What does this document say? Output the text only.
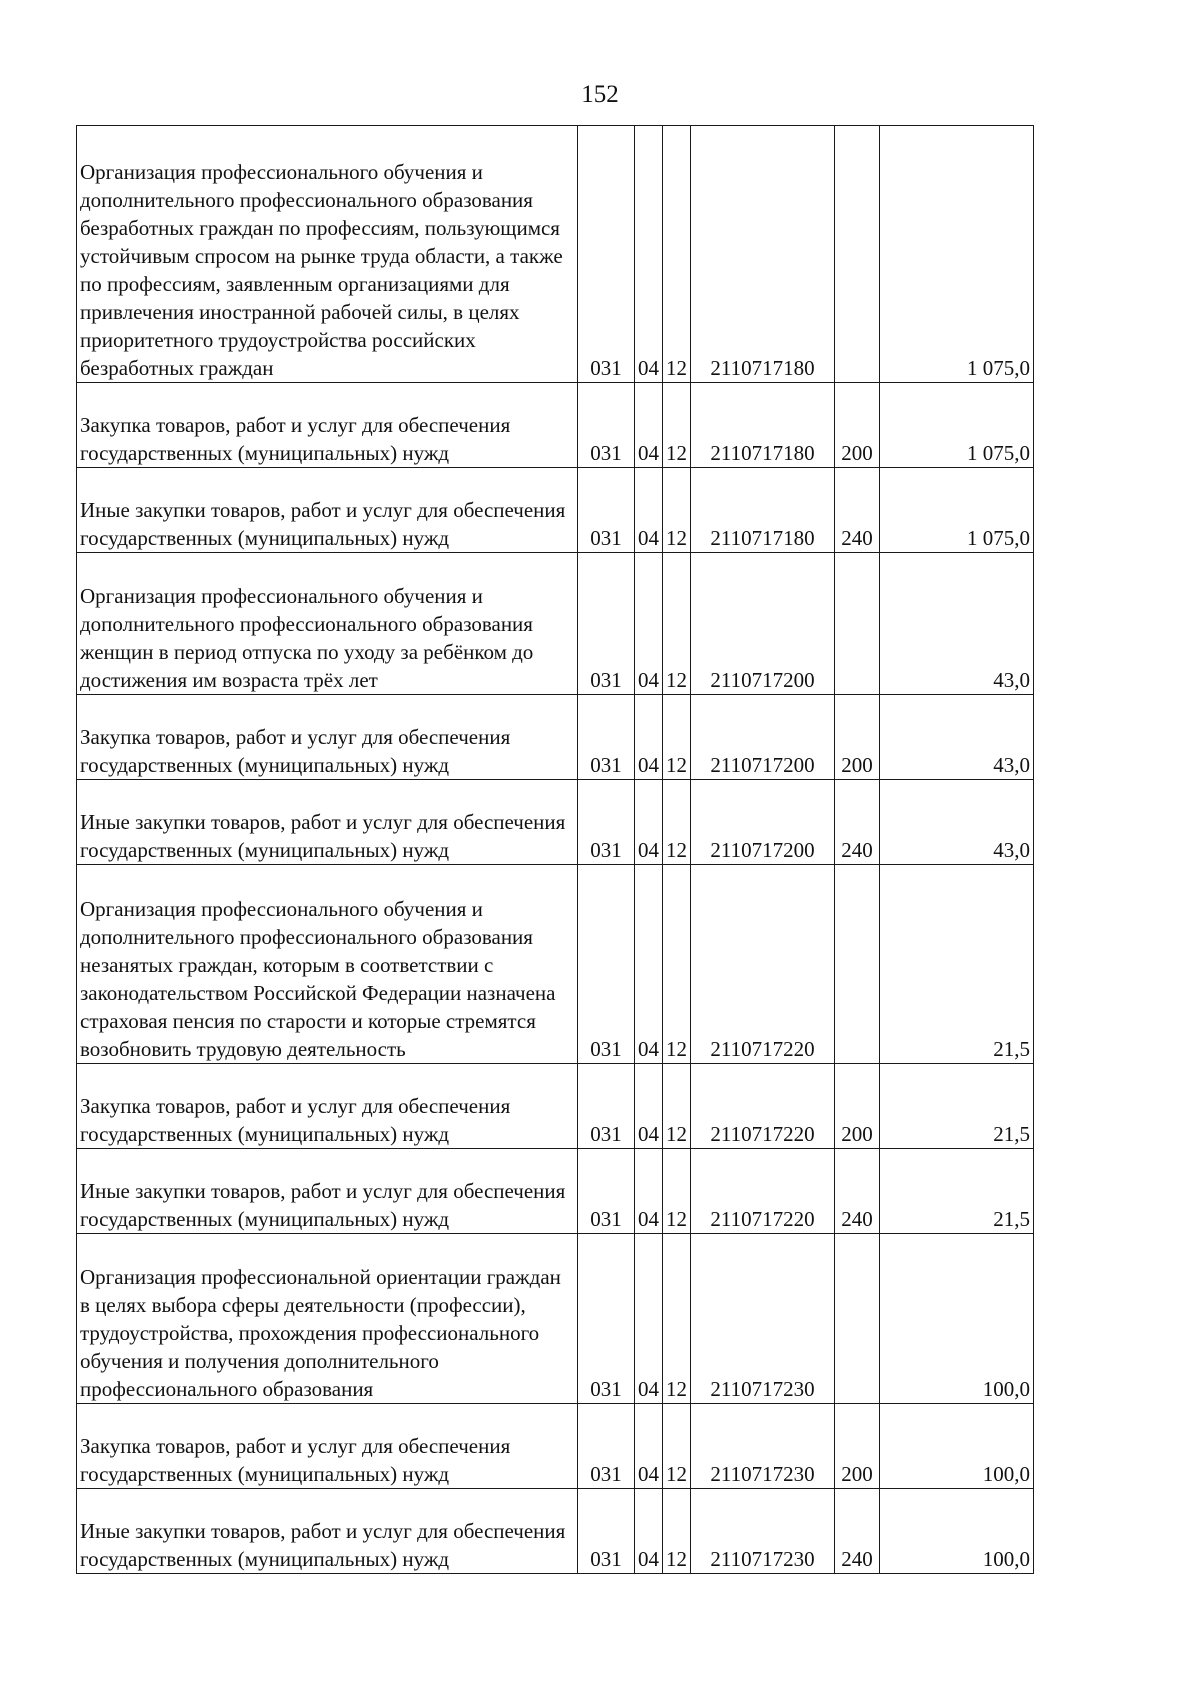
152
Организация профессионального обучения и дополнительного профессионального образования безработных граждан по профессиям, пользующимся устойчивым спросом на рынке труда области, а также по профессиям, заявленным организациями для привлечения иностранной рабочей силы, в целях приоритетного трудоустройства российских безработных граждан	031	04	12	2110717180		1 075,0
Закупка товаров, работ и услуг для обеспечения государственных (муниципальных) нужд	031	04	12	2110717180	200	1 075,0
Иные закупки товаров, работ и услуг для обеспечения государственных (муниципальных) нужд	031	04	12	2110717180	240	1 075,0
Организация профессионального обучения и дополнительного профессионального образования женщин в период отпуска по уходу за ребёнком до достижения им возраста трёх лет	031	04	12	2110717200		43,0
Закупка товаров, работ и услуг для обеспечения государственных (муниципальных) нужд	031	04	12	2110717200	200	43,0
Иные закупки товаров, работ и услуг для обеспечения государственных (муниципальных) нужд	031	04	12	2110717200	240	43,0
Организация профессионального обучения и дополнительного профессионального образования незанятых граждан, которым в соответствии с законодательством Российской Федерации назначена страховая пенсия по старости и которые стремятся возобновить трудовую деятельность	031	04	12	2110717220		21,5
Закупка товаров, работ и услуг для обеспечения государственных (муниципальных) нужд	031	04	12	2110717220	200	21,5
Иные закупки товаров, работ и услуг для обеспечения государственных (муниципальных) нужд	031	04	12	2110717220	240	21,5
Организация профессиональной ориентации граждан в целях выбора сферы деятельности (профессии), трудоустройства, прохождения профессионального обучения и получения дополнительного профессионального образования	031	04	12	2110717230		100,0
Закупка товаров, работ и услуг для обеспечения государственных (муниципальных) нужд	031	04	12	2110717230	200	100,0
Иные закупки товаров, работ и услуг для обеспечения государственных (муниципальных) нужд	031	04	12	2110717230	240	100,0
